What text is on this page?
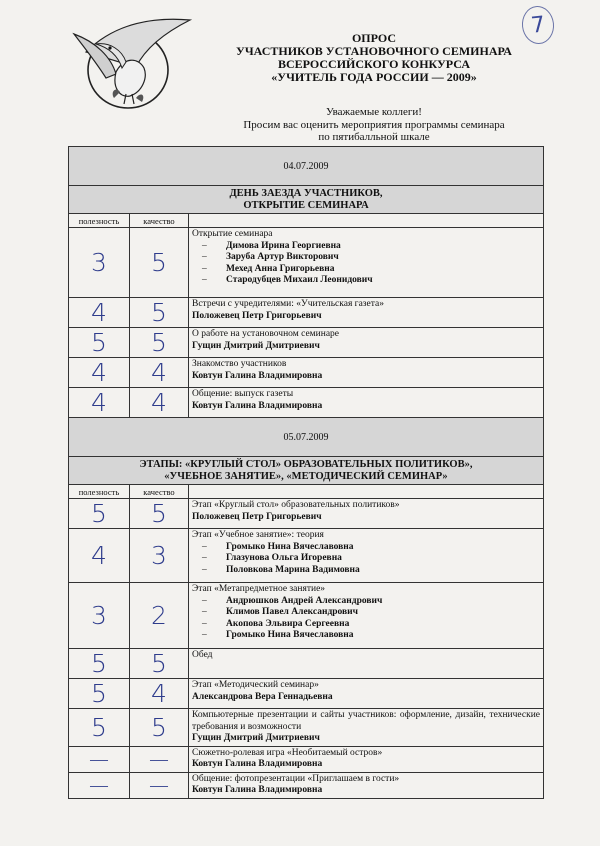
7
ОПРОС
УЧАСТНИКОВ УСТАНОВОЧНОГО СЕМИНАРА
ВСЕРОССИЙСКОГО КОНКУРСА
«УЧИТЕЛЬ ГОДА РОССИИ — 2009»
Уважаемые коллеги!
Просим вас оценить мероприятия программы семинара
по пятибалльной шкале
04.07.2009		

ДЕНЬ ЗАЕЗДА УЧАСТНИКОВ,
ОТКРЫТИЕ СЕМИНАРА		

полезность	качество	
3	5	Открытие семинара
– Димова Ирина Георгиевна
– Заруба Артур Викторович
– Мехед Анна Григорьевна
– Стародубцев Михаил Леонидович

4	5	Встречи с учредителями: «Учительская газета»
Положевец Петр Григорьевич

5	5	О работе на установочном семинаре
Гущин Дмитрий Дмитриевич

4	4	Знакомство участников
Ковтун Галина Владимировна

4	4	Общение: выпуск газеты
Ковтун Галина Владимировна

05.07.2009		

ЭТАПЫ: «КРУГЛЫЙ СТОЛ» ОБРАЗОВАТЕЛЬНЫХ ПОЛИТИКОВ»,
«УЧЕБНОЕ ЗАНЯТИЕ», «МЕТОДИЧЕСКИЙ СЕМИНАР»		

полезность	качество	
5	5	Этап «Круглый стол» образовательных политиков»
Положевец Петр Григорьевич

4	3	Этап «Учебное занятие»: теория
– Громыко Нина Вячеславовна
– Глазунова Ольга Игоревна
– Половкова Марина Вадимовна

3	2	Этап «Метапредметное занятие»
– Андрюшков Андрей Александрович
– Климов Павел Александрович
– Акопова Эльвира Сергеевна
– Громыко Нина Вячеславовна

5	5	Обед

5	4	Этап «Методический семинар»
Александрова Вера Геннадьевна

5	5	Компьютерные презентации и сайты участников: оформление, дизайн, технические требования и возможности
Гущин Дмитрий Дмитриевич

—	—	Сюжетно-ролевая игра «Необитаемый остров»
Ковтун Галина Владимировна

—	—	Общение: фотопрезентации «Приглашаем в гости»
Ковтун Галина Владимировна
